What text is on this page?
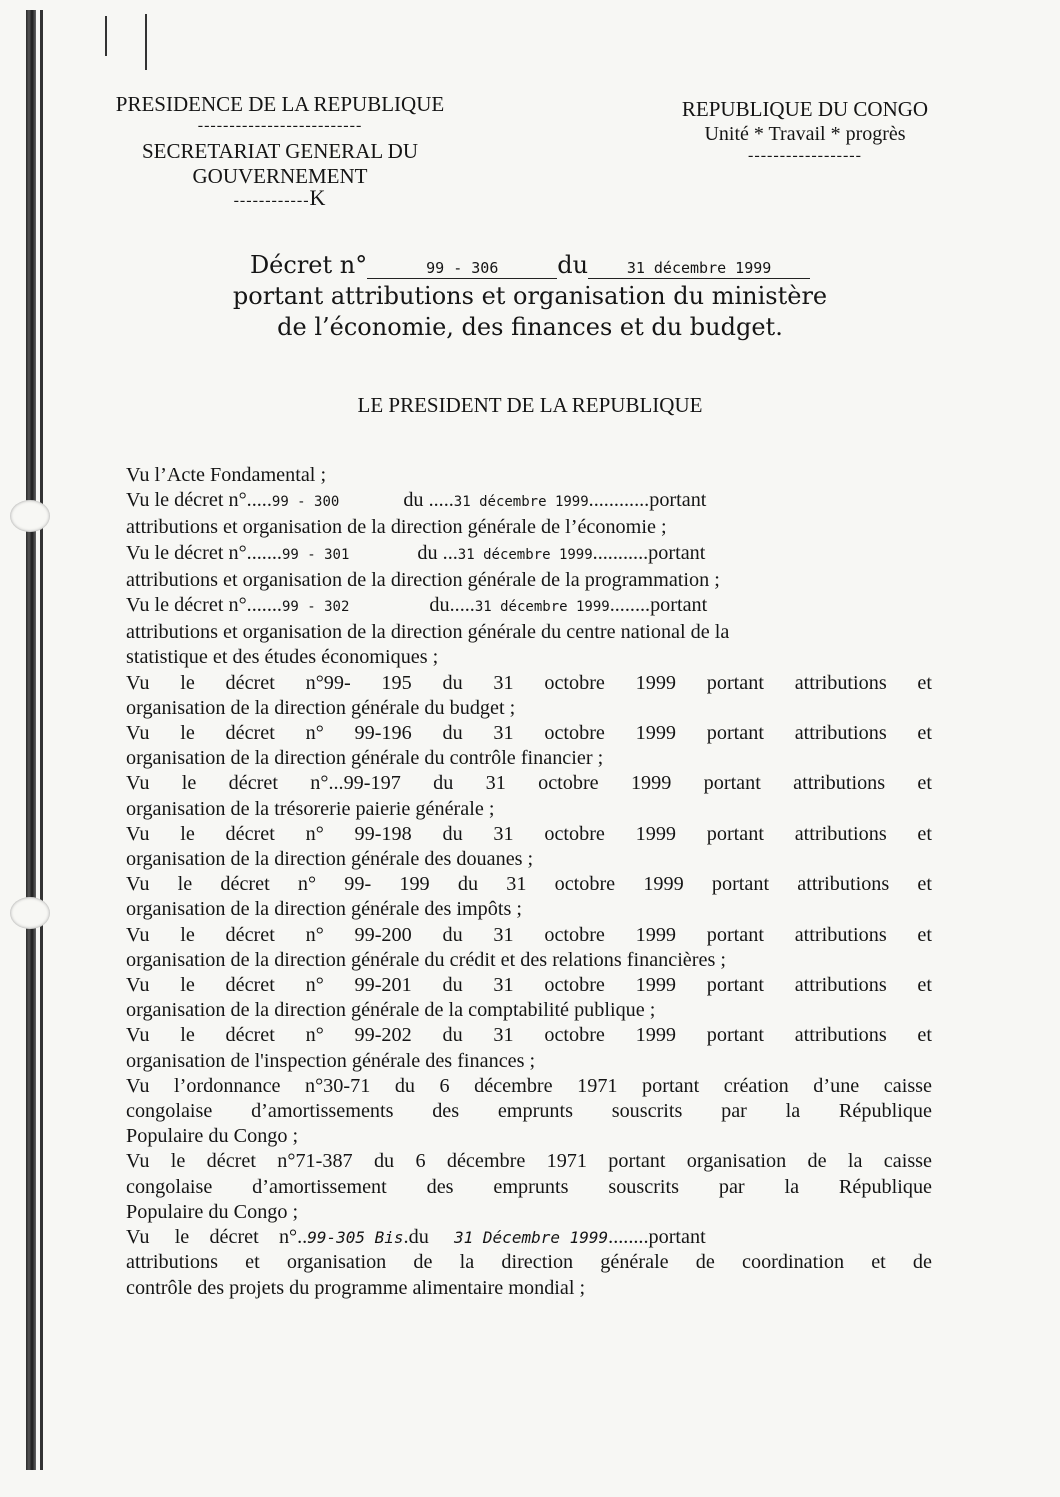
PRESIDENCE DE LA REPUBLIQUE
--------------------------
SECRETARIAT GENERAL DU
GOUVERNEMENT
------------K
REPUBLIQUE DU CONGO
Unité * Travail * progrès
------------------
Décret n°	99 - 306 du	31 décembre 1999
portant attributions et organisation du ministère
de l’économie, des finances et du budget.
LE PRESIDENT DE LA REPUBLIQUE
Vu l’Acte Fondamental ;
Vu le décret n°.....99 - 300	du .....31 décembre 1999............portant
attributions et organisation de la direction générale de l’économie ;
Vu le décret n°.......99 - 301	du ...31 décembre 1999...........portant
attributions et organisation de la direction générale de la programmation ;
Vu le décret n°.......99 - 302	du.....31 décembre 1999........portant
attributions et organisation de la direction générale du centre national de la
statistique et des études économiques ;
Vu le décret n°99- 195 du 31 octobre 1999 portant attributions et
organisation de la direction générale du budget ;
Vu le décret n° 99-196 du 31 octobre 1999 portant attributions et
organisation de la direction générale du contrôle financier ;
Vu le décret n°...99-197 du 31 octobre 1999 portant attributions et
organisation de la trésorerie paierie générale ;
Vu le décret n° 99-198 du 31 octobre 1999 portant attributions et
organisation de la direction générale des douanes ;
Vu le décret n° 99- 199 du 31 octobre 1999 portant attributions et
organisation de la direction générale des impôts ;
Vu le décret n° 99-200 du 31 octobre 1999 portant attributions et
organisation de la direction générale du crédit et des relations financières ;
Vu le décret n° 99-201 du 31 octobre 1999 portant attributions et
organisation de la direction générale de la comptabilité publique ;
Vu le décret n° 99-202 du 31 octobre 1999 portant attributions et
organisation de l'inspection générale des finances ;
Vu l’ordonnance n°30-71 du 6 décembre 1971 portant création d’une caisse
congolaise d’amortissements des emprunts souscrits par la République
Populaire du Congo ;
Vu le décret n°71-387 du 6 décembre 1971 portant organisation de la caisse
congolaise d’amortissement des emprunts souscrits par la République
Populaire du Congo ;
Vu     le    décret    n°..99-305 Bis.du     31 Décembre 1999........portant
attributions et organisation de la direction générale de coordination et de
contrôle des projets du programme alimentaire mondial ;
